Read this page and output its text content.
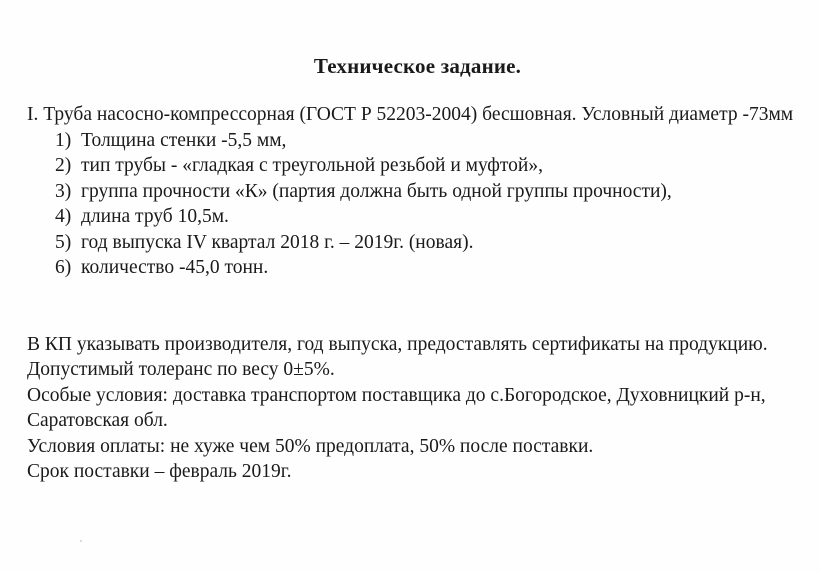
Техническое задание.

I. Труба насосно-компрессорная (ГОСТ Р 52203-2004) бесшовная. Условный диаметр -73мм

1) Толщина стенки -5,5 мм,
2) тип трубы - «гладкая с треугольной резьбой и муфтой»,
3) группа прочности «К» (партия должна быть одной группы прочности),
4) длина труб 10,5м.
5) год выпуска IV квартал 2018 г. – 2019г. (новая).
6) количество -45,0 тонн.

В КП указывать производителя, год выпуска, предоставлять сертификаты на продукцию.

Допустимый толеранс по весу 0±5%.

Особые условия: доставка транспортом поставщика до с.Богородское, Духовницкий р-н, Саратовская обл.

Условия оплаты: не хуже чем 50% предоплата, 50% после поставки.

Срок поставки – февраль 2019г.
